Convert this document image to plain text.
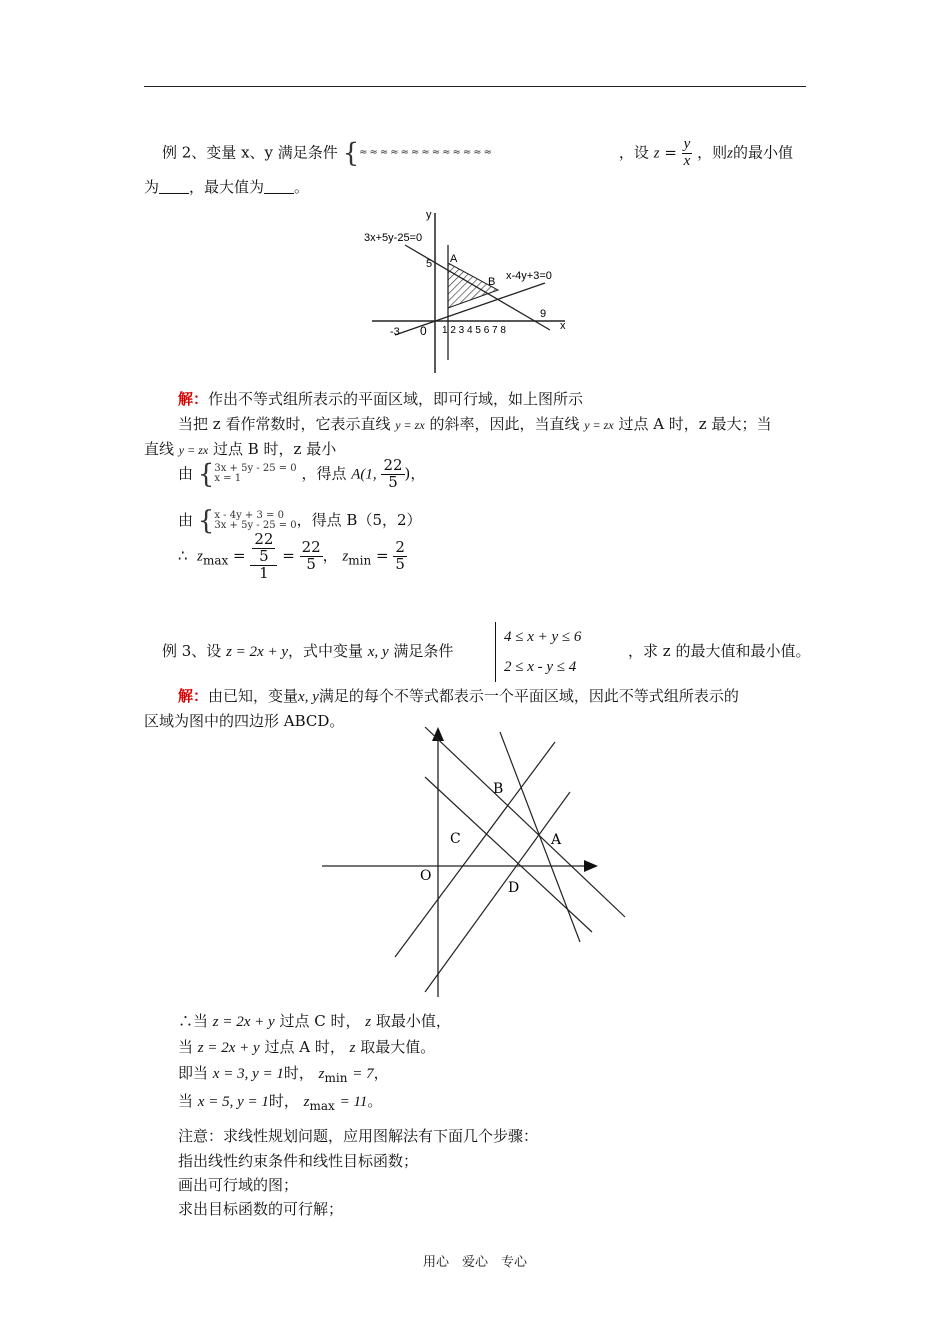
例 2、变量 x、y 满足条件 {≈≈≈≈≈≈≈≈≈≈≈≈≈	，设 $z = \frac{y}{x}$ ，则z的最小值
为 ，最大值为 。
3x+5y-25=0
x-4y+3=0
y
x
5
9
-3 0 1 2 3 4 5 6 7 8
A
B
解：作出不等式组所表示的平面区域，即可行域，如上图所示
当把 z 看作常数时，它表示直线 y = zx 的斜率，因此，当直线 y = zx 过点 A 时，z 最大；当
直线 y = zx 过点 B 时，z 最小
由 {3x + 5y - 25 = 0
x = 1	，得点 A(1, $\frac{22}{5}$ )，
由 {x - 4y + 3 = 0
3x + 5y - 25 = 0，得点 B（5，2）
∴ $z_{max} = \frac{\frac{22}{5}}{1} = \frac{22}{5}$ ， $z_{min} = \frac{2}{5}$
例 3、设 z = 2x + y，式中变量 x, y 满足条件
4 ≤ x + y ≤ 6
2 ≤ x - y ≤ 4
，求 z 的最大值和最小值。
解：由已知，变量x, y满足的每个不等式都表示一个平面区域，因此不等式组所表示的
区域为图中的四边形 ABCD。
B
C	A
O
D
∴当 z = 2x + y 过点 C 时， z 取最小值，
当 z = 2x + y 过点 A 时， z 取最大值。
即当 x = 3, y = 1时， $z_{min} = 7$，
当 x = 5, y = 1时， $z_{max} = 11$。
注意：求线性规划问题，应用图解法有下面几个步骤：
指出线性约束条件和线性目标函数；
画出可行域的图；
求出目标函数的可行解；
用心　爱心　专心
